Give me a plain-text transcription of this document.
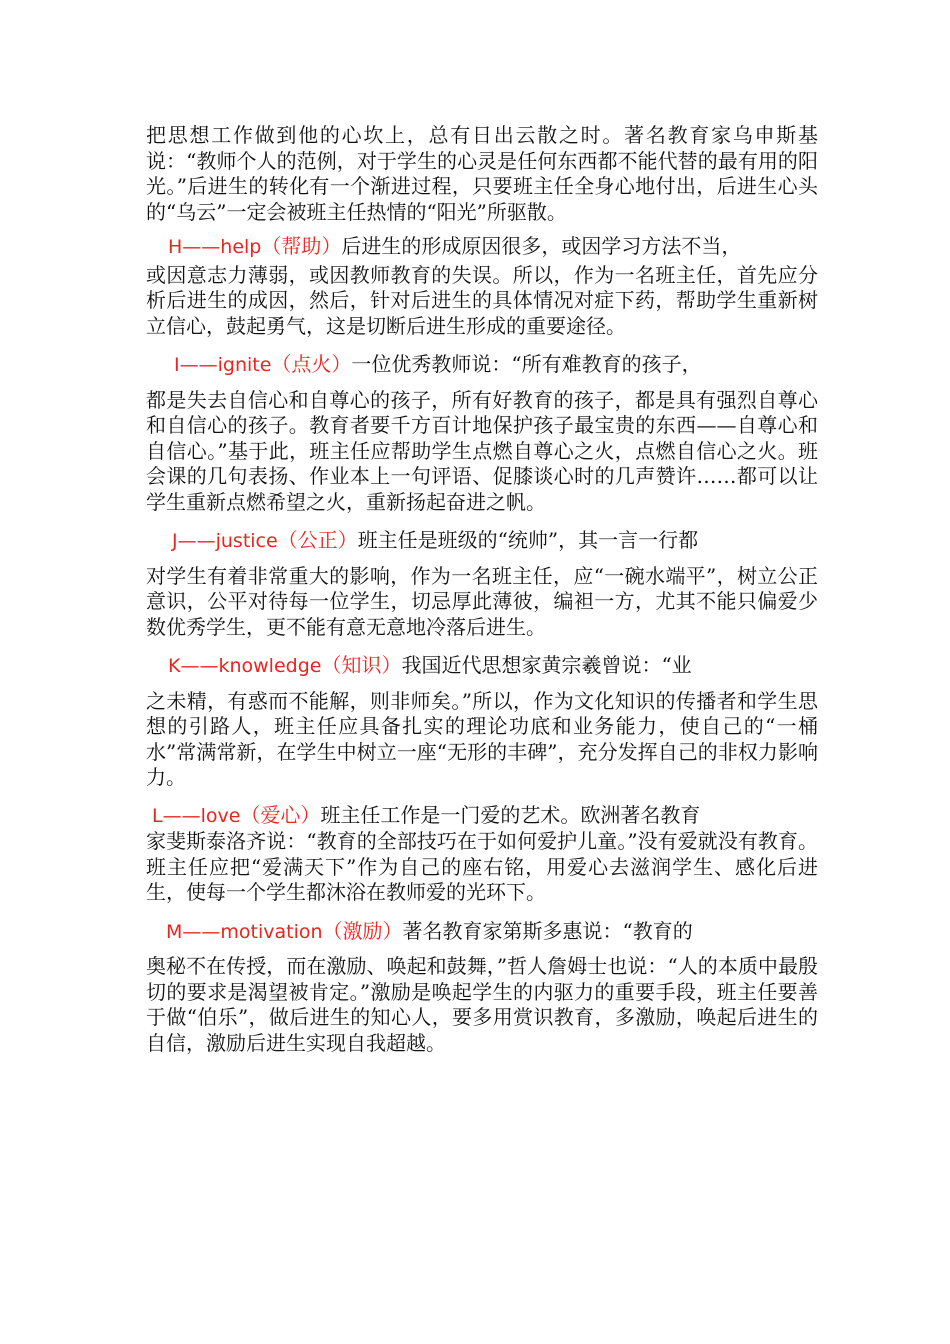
把思想工作做到他的心坎上，总有日出云散之时。著名教育家乌申斯基说：“教师个人的范例，对于学生的心灵是任何东西都不能代替的最有用的阳光。”后进生的转化有一个渐进过程，只要班主任全身心地付出，后进生心头的“乌云”一定会被班主任热情的“阳光”所驱散。

H——help（帮助）后进生的形成原因很多，或因学习方法不当，

或因意志力薄弱，或因教师教育的失误。所以，作为一名班主任，首先应分析后进生的成因，然后，针对后进生的具体情况对症下药，帮助学生重新树立信心，鼓起勇气，这是切断后进生形成的重要途径。

I——ignite（点火）一位优秀教师说：“所有难教育的孩子，

都是失去自信心和自尊心的孩子，所有好教育的孩子，都是具有强烈自尊心和自信心的孩子。教育者要千方百计地保护孩子最宝贵的东西——自尊心和自信心。”基于此，班主任应帮助学生点燃自尊心之火，点燃自信心之火。班会课的几句表扬、作业本上一句评语、促膝谈心时的几声赞许……都可以让学生重新点燃希望之火，重新扬起奋进之帆。

J——justice（公正）班主任是班级的“统帅”，其一言一行都

对学生有着非常重大的影响，作为一名班主任，应“一碗水端平”，树立公正意识，公平对待每一位学生，切忌厚此薄彼，编袒一方，尤其不能只偏爱少数优秀学生，更不能有意无意地冷落后进生。

K——knowledge（知识）我国近代思想家黄宗羲曾说：“业

之未精，有惑而不能解，则非师矣。”所以，作为文化知识的传播者和学生思想的引路人，班主任应具备扎实的理论功底和业务能力，使自己的“一桶水”常满常新，在学生中树立一座“无形的丰碑”，充分发挥自己的非权力影响力。

L——love（爱心）班主任工作是一门爱的艺术。欧洲著名教育

家斐斯泰洛齐说：“教育的全部技巧在于如何爱护儿童。”没有爱就没有教育。班主任应把“爱满天下”作为自己的座右铭，用爱心去滋润学生、感化后进生，使每一个学生都沐浴在教师爱的光环下。

M——motivation（激励）著名教育家第斯多惠说：“教育的

奥秘不在传授，而在激励、唤起和鼓舞，”哲人詹姆士也说：“人的本质中最殷切的要求是渴望被肯定。”激励是唤起学生的内驱力的重要手段，班主任要善于做“伯乐”，做后进生的知心人，要多用赏识教育，多激励，唤起后进生的自信，激励后进生实现自我超越。
